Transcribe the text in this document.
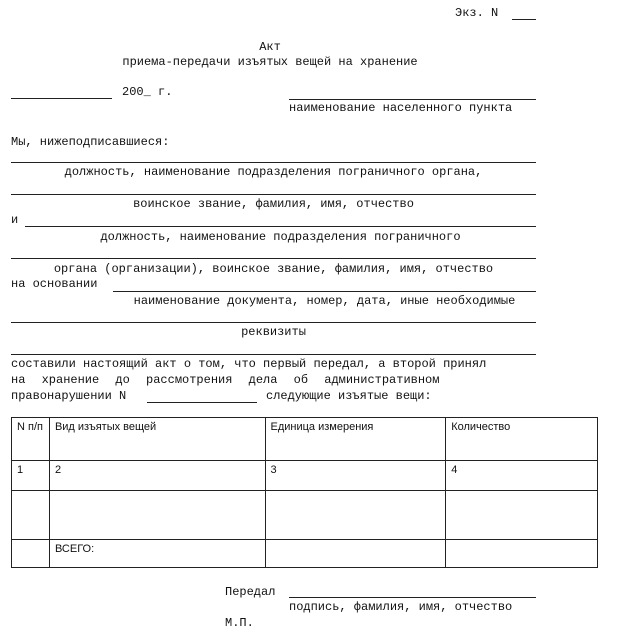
Экз. N
Акт
приема-передачи изъятых вещей на хранение
200_ г.
наименование населенного пункта
Мы, нижеподписавшиеся:
должность, наименование подразделения пограничного органа,
воинское звание, фамилия, имя, отчество
и
должность, наименование подразделения пограничного
органа (организации), воинское звание, фамилия, имя, отчество
на основании
наименование документа, номер, дата, иные необходимые
реквизиты
составили настоящий акт о том, что первый передал, а второй принял
на хранение до рассмотрения дела об административном
правонарушении N	следующие изъятые вещи:
N п/п	Вид изъятых вещей	Единица измерения	Количество
1	2	3	4

	ВСЕГО:		
Передал
подпись, фамилия, имя, отчество
М.П.
